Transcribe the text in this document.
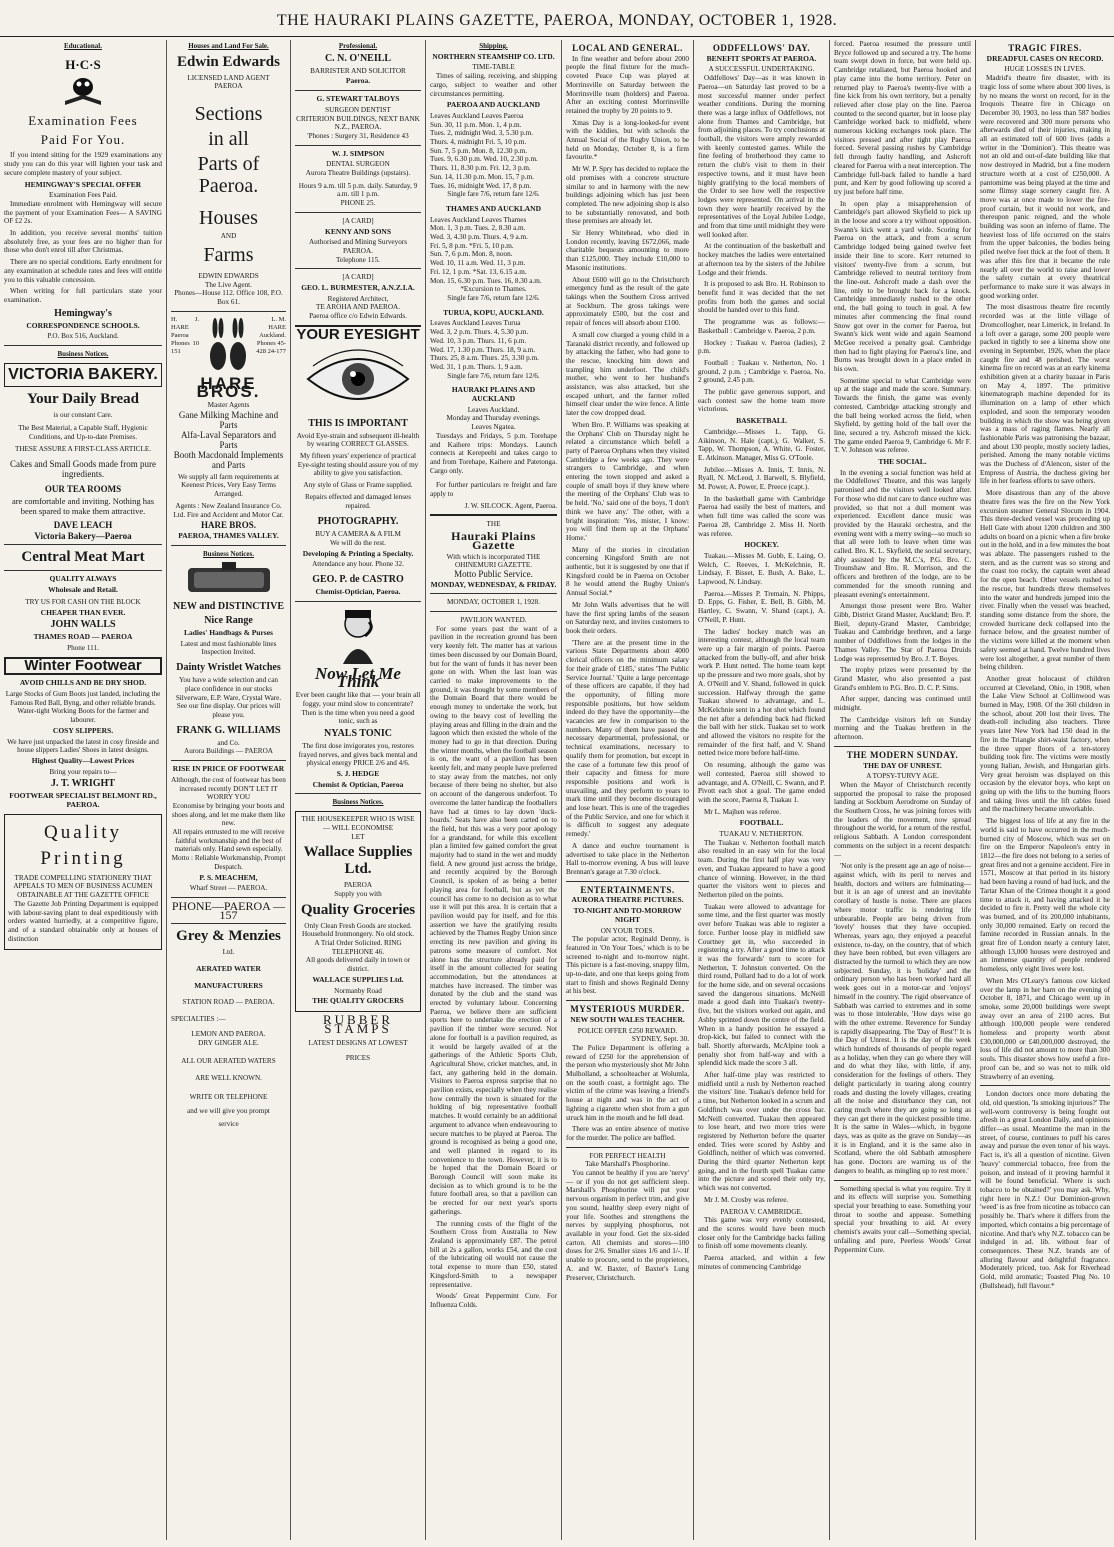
THE HAURAKI PLAINS GAZETTE, PAEROA, MONDAY, OCTOBER 1, 1928.
Educational.
H·C·S
Examination Fees
Paid For You.

If you intend sitting for the 1929 examinations any study you can do this year will lighten your task and secure complete mastery of your subject.

HEMINGWAY'S SPECIAL OFFER
Examination Fees Paid.

Immediate enrolment with Hemingway will secure the payment of your Examination Fees— A SAVING OF £2 2s.

In addition, you receive several months' tuition absolutely free, as your fees are no higher than for those who don't enrol till after Christmas.

There are no special conditions. Early enrolment for any examination at schedule rates and fees will entitle you to this valuable concession.

When writing for full particulars state your examination.

Hemingway's
CORRESPONDENCE SCHOOLS.
P.O. Box 516, Auckland.
Business Notices.
VICTORIA BAKERY.
Your Daily Bread
is our constant Care.
The Best Material, a Capable Staff, Hygienic Conditions, and Up-to-date Premises.
THESE ASSURE A FIRST-CLASS ARTICLE.
Cakes and Small Goods made from pure ingredients.
OUR TEA ROOMS
are comfortable and inviting. Nothing has been spared to make them attractive.
DAVE LEACH
Victoria Bakery—Paeroa
Central Meat Mart
QUALITY ALWAYS
Wholesale and Retail.
TRY US FOR CASH ON THE BLOCK
CHEAPER THAN EVER.
JOHN WALLS
THAMES ROAD — PAEROA
Phone 111.
Winter Footwear
AVOID CHILLS AND BE DRY SHOD.
Large Stocks of Gum Boots just landed, including the Famous Red Ball, Byng, and other reliable brands.
Water-tight Working Boots for the farmer and labourer.
COSY SLIPPERS.
We have just unpacked the latest in cosy fireside and house slippers Ladies' Shoes in latest designs.
Highest Quality—Lowest Prices
Bring your repairs to—
J. T. WRIGHT
FOOTWEAR SPECIALIST BELMONT RD., PAEROA.
Quality
Printing
TRADE COMPELLING STATIONERY THAT APPEALS TO MEN OF BUSINESS ACUMEN OBTAINABLE AT THE GAZETTE OFFICE

The Gazette Job Printing Department is equipped with labour-saving plant to deal expeditiously with orders wanted hurriedly, at a competitive figure, and of a standard obtainable only at houses of distinction

Houses and Land For Sale.
Edwin Edwards
LICENSED LAND AGENT
PAEROA
Sections
in all
Parts of Paeroa.
Houses
AND
Farms
EDWIN EDWARDS
The Live Agent.
Phones—House 112. Office 108, P.O. Box 61.
H. J. HARE Paeroa Phones 10 151
L. M. HARE Auckland. Phones 45-428 24-177
HARE BROS.
Master Agents
Gane Milking Machine and Parts
Alfa-Laval Separators and Parts
Booth Macdonald Implements and Parts
We supply all farm requirements at Keenest Prices, Very Easy Terms Arranged.
Agents : New Zealand Insurance Co. Ltd. Fire and Accident and Motor Car.
HARE BROS.
PAEROA, THAMES VALLEY.
Business Notices.
NEW and DISTINCTIVE
Nice Range
Ladies' Handbags & Purses
Latest and most fashionable lines Inspection Invited.
Dainty Wristlet Watches
You have a wide selection and can place confidence in our stocks
Silverware, E.P. Ware, Crystal Ware.
See our fine display. Our prices will please you.
FRANK G. WILLIAMS
and Co.
Aurora Buildings — PAEROA
RISE IN PRICE OF FOOTWEAR
Although, the cost of footwear has been increased recently DON'T LET IT WORRY YOU
Economise by bringing your boots and shoes along, and let me make them like new.
All repairs entrusted to me will receive faithful workmanship and the best of materials only. Hand sewn especially.
Motto : Reliable Workmanship, Prompt Despatch.
P. S. MEACHEM,
Wharf Street — PAEROA.
PHONE—PAEROA —157
Grey & Menzies
Ltd.
AERATED WATER
MANUFACTURERS
STATION ROAD — PAEROA.
SPECIALTIES :—
LEMON AND PAEROA.
DRY GINGER ALE.
ALL OUR AERATED WATERS
ARE WELL KNOWN.
WRITE OR TELEPHONE
and we will give you prompt
service
Professional.
C. N. O'NEILL
BARRISTER AND SOLICITOR
Paeroa.
G. STEWART TALBOYS
SURGEON DENTIST
CRITERION BUILDINGS, NEXT BANK N.Z., PAEROA.
'Phones : Surgery 31, Residence 43
W. J. SIMPSON
DENTAL SURGEON
Aurora Theatre Buildings (upstairs).
Hours 9 a.m. till 5 p.m. daily. Saturday, 9 a.m. till 1 p.m.
PHONE 25.
[A CARD]
KENNY AND SONS
Authorised and Mining Surveyors PAEROA.
Telephone 115.
[A CARD]
GEO. L. BURMESTER, A.N.Z.I.A.
Registered Architect,
TE AROHA AND PAEROA.
Paeroa office c/o Edwin Edwards.
YOUR EYESIGHT
THIS IS IMPORTANT
Avoid Eye-strain and subsequent ill-health by wearing CORRECT GLASSES.
My fifteen years' experience of practical Eye-sight testing should assure you of my ability to give you satisfaction.
Any style of Glass or Frame supplied.
Repairs effected and damaged lenses repaired.
PHOTOGRAPHY.
BUY A CAMERA & A FILM
We will do the rest.
Developing & Printing a Specialty.
Attendance any hour. Phone 32.
GEO. P. de CASTRO
Chemist-Optician, Paeroa.
Now Let Me Think
Ever been caught like that — your brain all foggy, your mind slow to concentrate? Then is the time when you need a good tonic, such as
NYALS TONIC
The first dose invigorates you, restores frayed nerves, and gives back mental and physical energy PRICE 2/6 and 4/6.
S. J. HEDGE
Chemist & Optician, Paeroa
Business Notices.
THE HOUSEKEEPER WHO IS WISE— WILL ECONOMISE
LET
Wallace Supplies Ltd.
PAEROA
Supply you with
Quality Groceries
Only Clean Fresh Goods are stocked.
Household Ironmongery. No old stock.
A Trial Order Solicited. RING TELEPHONE 46.
All goods delivered daily in town or district.
WALLACE SUPPLIES Ltd.
Normanby Road
THE QUALITY GROCERS
RUBBER STAMPS
LATEST DESIGNS AT LOWEST
PRICES
Shipping.
NORTHERN STEAMSHIP CO. LTD.
TIME-TABLE

Times of sailing, receiving, and shipping cargo, subject to weather and other circumstances permitting.

PAEROA AND AUCKLAND
Leaves Auckland Leaves Paeroa
Sun. 30, 11 p.m. Mon. 1, 4 p.m.
Tues. 2, midnight Wed. 3, 5.30 p.m.
Thurs. 4, midnight Fri. 5, 10 p.m.
Sun. 7, 5 p.m. Mon. 8, 12.30 p.m.
Tues. 9, 6.30 p.m. Wed. 10, 2.30 p.m.
Thurs. 11, 8.30 p.m. Fri. 12, 3 p.m.
Sun. 14, 11.30 p.m. Mon. 15, 7 p.m.
Tues. 16, midnight Wed. 17, 8 p.m.
Single fare 7/6, return fare 12/6.
THAMES AND AUCKLAND
Leaves Auckland Leaves Thames
Mon. 1, 3 p.m. Tues. 2, 8.30 a.m.
Wed. 3, 4.30 p.m. Thurs. 4, 9 a.m.
Fri. 5, 8 p.m. *Fri. 5, 10 p.m.
Sun. 7, 6 p.m. Mon. 8, noon.
Wed. 10, 11 a.m. Wed. 11, 3 p.m.
Fri. 12, 1 p.m. *Sat. 13, 6.15 a.m.
Mon. 15, 6.30 p.m. Tues. 16, 8.30 a.m.
*Excursion to Thames.
Single fare 7/6, return fare 12/6.
TURUA, KOPU, AUCKLAND.
Leaves Auckland Leaves Turua
Wed. 3, 2 p.m. Thurs. 4, 5.30 p.m.
Wed. 10, 3 p.m. Thurs. 11, 6 p.m.
Wed. 17, 1.30 p.m. Thurs. 18, 9 a.m.
Thurs. 25, 8 a.m. Thurs. 25, 3.30 p.m.
Wed. 31, 1 p.m. Thurs. 1, 9 a.m.
Single fare 7/6, return fare 12/6.
HAURAKI PLAINS AND AUCKLAND
Leaves Auckland.
Monday and Thursday evenings.
Leaves Ngatea.

Tuesdays and Fridays, 5 p.m. Torehape and Kaihere trips: Mondays. Launch connects at Kerepeehi and takes cargo to and from Torehape, Kaihere and Patetonga. Cargo only.

For further particulars re freight and fare apply to

J. W. SILCOCK. Agent, Paeroa.
THE
Hauraki Plains Gazette
With which is incorporated THE OHINEMURI GAZETTE.
Motto Public Service.
MONDAY, WEDNESDAY, & FRIDAY.
MONDAY, OCTOBER 1, 1928.
PAVILION WANTED.

For some years past the want of a pavilion in the recreation ground has been very keenly felt. The matter has at various times been discussed by our Domain Board, but for the want of funds it has never been gone on with. When the last loan was carried to make improvements to the ground, it was thought by some members of the Domain Board that there would be enough money to undertake the work, but owing to the heavy cost of levelling the playing areas and filling in the drain and the lagoon which then existed the whole of the money had to go in that direction. During the winter months, when the football season is on, the want of a pavilion has been keenly felt, and many people have preferred to stay away from the matches, not only because of there being no shelter, but also on account of the dangerous underfoot. To overcome the latter handicap the footballers have had at times to lay down 'duck-boards.' Seats have also been carted on to the field, but this was a very poor apology for a grandstand, for while this excellent plan a limited few gained comfort the great majority had to stand in the wet and muddy field. A new ground just across the bridge, and recently acquired by the Borough Council, is spoken of as being a better playing area for football, but as yet the council has come to no decision as to what use it will put this area. It is certain that a pavilion would pay for itself, and for this assertion we have the gratifying results achieved by the Thames Rugby Union since erecting its new pavilion and giving its patrons some measure of comfort. Not alone has the structure already paid for itself in the amount collected for seating accommodation, but the attendances at matches have increased. The timber was donated by the club and the stand was erected by voluntary labour. Concerning Paeroa, we believe there are sufficient sports here to undertake the erection of a pavilion if the timber were secured. Not alone for football is a pavilion required, as it would be largely availed of at the gatherings of the Athletic Sports Club, Agricultural Show, cricket matches, and, in fact, any gathering held in the domain. Visitors to Paeroa express surprise that no pavilion exists, especially when they realise how centrally the town is situated for the holding of big representative football matches. It would certainly be an additional argument to advance when endeavouring to secure matches to be played at Paeroa. The ground is recognised as being a good one, and well planned in regard to its convenience to the town. However, it is to be hoped that the Domain Board or Borough Council will soon make its decision as to which ground is to be the future football area, so that a pavilion can be erected for our next year's sports gatherings.

The running costs of the flight of the Southern Cross from Australia to New Zealand is approximately £87. The petrol bill at 2s a gallon, works £54, and the cost of the lubricating oil would not cause the total expense to more than £50, stated Kingsford-Smith to a newspaper representative.

Woods' Great Peppermint Cure. For Influenza Colds.

LOCAL AND GENERAL.

In fine weather and before about 2000 people the final fixture for the much-coveted Peace Cup was played at Morrinsville on Saturday between the Morrinsville team (holders) and Paeroa. After an exciting contest Morrinsville retained the trophy by 20 points to 9.

Xmas Day is a long-looked-for event with the kiddies, but with schools the Annual Social of the Rugby Union, to be held on Monday, October 8, is a firm favourite.*

Mr W. P. Spry has decided to replace the old premises with a concrete structure similar to and in harmony with the new buildings adjoining which has just been completed. The new adjoining shop is also to be substantially renovated, and both these premises are already let.

Sir Henry Whitehead, who died in London recently, leaving £672,066, made charitable bequests amounting to more than £125,000. They include £10,000 to Masonic institutions.

About £600 will go to the Christchurch emergency fund as the result of the gate takings when the Southern Cross arrived at Sockburn. The gross takings were approximately £500, but the cost and repair of fences will absorb about £100.

A small cow charged a young child in a Taranaki district recently, and followed up by attacking the father, who had gone to the rescue, knocking him down and trampling him underfoot. The child's mother, who went to her husband's assistance, was also attacked, but she escaped unhurt, and the farmer rolled himself clear under the wire fence. A little later the cow dropped dead.

When Bro. P. Williams was speaking at the Orphans' Club on Thursday night he related a circumstance which befell a party of Paeroa Orphans when they visited Cambridge a few weeks ago. They were strangers to Cambridge, and when entering the town stopped and asked a couple of small boys if they knew where the meeting of the Orphans' Club was to be held. 'No,' said one of the boys, 'I don't think we have any.' The other, with a bright inspiration: 'Yes, mister, I know: you will find them up at the Orphans' Home.'

Many of the stories in circulation concerning Kingsford Smith are not authentic, but it is suggested by one that if Kingsford could be in Paeroa on October 8 he would attend the Rugby Union's Annual Social.*

Mr John Walls advertises that he will have the first spring lambs of the season on Saturday next, and invites customers to book their orders.

'There are at the present time in the various State Departments about 4000 clerical officers on the minimum salary for their grade of £185,' states 'The Public Service Journal.' 'Quite a large percentage of these officers are capable, if they had the opportunity, of filling more responsible positions, but how seldom indeed do they have the opportunity—the vacancies are few in comparison to the numbers. Many of them have passed the necessary departmental, professional, or technical examinations, necessary to qualify them for promotion, but except in the case of a fortunate few this proof of their capacity and fitness for more responsible positions and work is unavailing, and they perform to years to mark time until they become discouraged and lose heart. This is one of the tragedies of the Public Service, and one for which it is difficult to suggest any adequate remedy.'

A dance and euchre tournament is advertised to take place in the Netherton Hall to-morrow evening. A bus will leave Brennan's garage at 7.30 o'clock.

ENTERTAINMENTS.
AURORA THEATRE PICTURES.
TO-NIGHT AND TO-MORROW NIGHT
ON YOUR TOES.

The popular actor, Reginald Denny, is featured in 'On Your Toes,' which is to be screened to-night and to-morrow night. This picture is a fast-moving, snappy film, up-to-date, and one that keeps going from start to finish and shows Reginald Denny at his best.

MYSTERIOUS MURDER.
NEW SOUTH WALES TEACHER.
POLICE OFFER £250 REWARD.
SYDNEY, Sept. 30.

The Police Department is offering a reward of £250 for the apprehension of the person who mysteriously shot Mr John Mulholland, a schoolteacher at Wolumla, on the south coast, a fortnight ago. The victim of the crime was leaving a friend's house at night and was in the act of lighting a cigarette when shot from a gun struck him in the mouth and he fell dead.

There was an entire absence of motive for the murder. The police are baffled.

FOR PERFECT HEALTH
Take Marshall's Phosphorine.

You cannot be healthy if you are 'nervy' — or if you do not get sufficient sleep. Marshall's Phosphorine will put your nervous organism in perfect trim, and give you sound, healthy sleep every night of your life. Soothes and strengthens the nerves by supplying phosphorus, not available in your food. Get the six-sided carton. All chemists and stores—100 doses for 2/6. Smaller sizes 1/6 and 1/-. If unable to procure, send to the proprietors, A. and W. Baxter, of Baxter's Lung Preserver, Christchurch.

ODDFELLOWS' DAY.
BENEFIT SPORTS AT PAEROA.
A SUCCESSFUL UNDERTAKING.

Oddfellows' Day—as it was known in Paeroa—on Saturday last proved to be a most successful manner under perfect weather conditions. During the morning there was a large influx of Oddfellows, not alone from Thames and Cambridge, but from adjoining places. To try conclusions at football, the visitors were amply rewarded with keenly contested games. While the fine feeling of brotherhood they came to return the club's visit to them in their respective towns, and it must have been highly gratifying to the local members of the Order to see how well the respective lodges were represented. On arrival in the town they were heartily received by the representatives of the Loyal Jubilee Lodge, and from that time until midnight they were well looked after.

At the continuation of the basketball and hockey matches the ladies were entertained at afternoon tea by the sisters of the Jubilee Lodge and their friends.

It is proposed to ask Bro. H. Robinson to benefit fund it was decided that the net profits from both the games and social should be handed over to this fund.

The programme was as follows:— Basketball : Cambridge v. Paeroa, 2 p.m.

Hockey : Tuakau v. Paeroa (ladies), 2 p.m.

Football : Tuakau v. Netherton, No. 1 ground, 2 p.m. ; Cambridge v. Paeroa, No. 2 ground, 2.45 p.m.

The public gave generous support, and each contest saw the home team more victorious.

BASKETBALL

Cambridge.—Misses L. Tapp, G. Aikinson, N. Hale (capt.), G. Walker, S. Tapp, W. Thompson, A. White, G. Foster, E. Atkinson. Manager, Miss G. O'Toole.

Jubilee.—Misses A. Innis, T. Innis, N. Ryall, N. McLeod, J. Barwell, S. Blyfield, M. Power, A. Power, E. Preece (capt.).

In the basketball game with Cambridge Paeroa had easily the best of matters, and when full time was called the score was Paeroa 28, Cambridge 2. Miss H. North was referee.

HOCKEY.

Tuakau.—Misses M. Gubb, E. Laing, O. Welch, C. Reeves, I. McKelchnie, R. Lindsay, F. Bisset, E. Bush, A. Bake, L. Lapwood, N. Lindsay.

Paeroa.—Misses P. Tremain, N. Phipps, D. Epps, G. Fisher, E. Bell, B. Gibb, M. Hartley, C. Swann, V. Shand (capt.), A. O'Neill, P. Hunt.

The ladies' hockey match was an interesting contest, although the local team were up a fair margin of points. Paeroa attacked from the bully-off, and after brisk work P. Hunt netted. The home team kept up the pressure and two more goals, shot by A. O'Neill and V. Shand, followed in quick succession. Halfway through the game Tuakau showed to advantage, and L. McKelchnie sent in a hot shot which found the net after a defending back had flicked the ball with her stick. Tuakau set to work and allowed the visitors no respite for the remainder of the first half, and V. Shand netted twice more before half-time.

On resuming, although the game was well contested, Paeroa still showed to advantage, and A. O'Neill, C. Swann, and P. Pivott each shot a goal. The game ended with the score, Paeroa 8, Tuakau 1.

Mr L. Majhen was referee.

FOOTBALL.
TUAKAU V. NETHERTON.

The Tuakau v. Netherton football match also resulted in an easy win for the local team. During the first half play was very even, and Tuakau appeared to have a good chance of winning. However, in the third quarter the visitors went to pieces and Netherton piled on the points.

Tuakau were allowed to advantage for some time, and the first quarter was mostly over before Tuakau was able to register a force. Further loose play in midfield saw Courtney get in, who succeeded in registering a try. After a good time to attack it was the forwards' turn to score for Netherton, T. Johnston converted. On the third round, Pollard had to do a lot of work for the home side, and on several occasions saved the dangerous situations. McNeill made a good dash into Tuakau's twenty-five, but the visitors worked out again, and Ashby sprinted down the centre of the field. When in a handy position he essayed a drop-kick, but failed to connect with the ball. Shortly afterwards, McAlpine took a penalty shot from half-way and with a splendid kick made the score 3 all.

After half-time play was restricted to midfield until a rush by Netherton reached the visitors' line. Tuakau's defence held for a time, but Netherton looked in a scrum and Goldfinch was over under the cross bar. McNeill converted. Tuakau then appeared to lose heart, and two more tries were registered by Netherton before the quarter ended. Tries were scored by Ashby and Goldfinch, neither of which was converted. During the third quarter Netherton kept going, and in the fourth spell Tuakau came into the picture and scored their only try, which was not converted.

Mr J. M. Crosby was referee.

PAEROA V. CAMBRIDGE.

This game was very evenly contested, and the scores would have been much closer only for the Cambridge backs failing to finish off some movements cleanly.

Paeroa attacked, and within a few minutes of commencing Cambridge

forced. Paeroa resumed the pressure until Bryce followed up and secured a try. The home team swept down in force, but were held up. Cambridge retaliated, but Paeroa hooked and play came into the home territory. Peter on returned play to Paeroa's twenty-five with a fine kick from his own territory, but a penalty relieved after close play on the line. Paeroa counted to the second quarter, but in loose play Cambridge worked back to midfield, where numerous kicking exchanges took place. The visitors pressed and after tight play Paeroa forced. Several passing rushes by Cambridge fell through faulty handling, and Ashcroft cleared for Paeroa with a neat interception. The Cambridge full-back failed to handle a hard punt, and Kerr by good following up scored a try just before half time.

In open play a misapprehension of Cambridge's part allowed Skyfield to pick up in the loose and score a try without opposition. Swann's kick went a yard wide. Scoring for Paeroa on the attack, and from a scrum Cambridge lodged being gained twelve feet inside their line to score. Kerr returned to visitors' twenty-five from a scrum, but Cambridge relieved to neutral territory from the line-out. Ashcroft made a dash over the line, only to be brought back for a knock. Cambridge immediately rushed to the other end, the ball going to touch in goal. A few minutes after commencing the final round Snow got over in the corner for Paeroa, but Swann's kick went wide and again Seamond McGee received a penalty goal. Cambridge then had to fight playing for Paeroa's line, and Burns was brought down in a place ended in his own.

Sometime special to what Cambridge were up at the stage and made the score. Summary. Towards the finish, the game was evenly contested, Cambridge attacking strongly and the ball being worked across the field, when Skyfield, by getting hold of the ball over the line, secured a try. Ashcroft missed the kick. The game ended Paeroa 9, Cambridge 6. Mr F. T. V. Johnson was referee.

THE SOCIAL.

In the evening a social function was held at the Oddfellows' Theatre, and this was largely patronised and the visitors well looked after. For those who did not care to dance euchre was provided, so that not a dull moment was experienced. Excellent dance music was provided by the Hauraki orchestra, and the evening went with a merry swing—so much so that all were loth to leave when time was called. Bro. K. L. Skyfield, the social secretary, ably assisted by the M.C.'s, P.G. Bro. C. Trounshaw and Bro. R. Morrison, and the officers and brethren of the lodge, are to be commended for the smooth running and pleasant evening's entertainment.

Amongst those present were Bro. Walter Gibb, District Grand Master, Auckland; Bro. P. Bieil, deputy-Grand Master, Cambridge; Tuakau and Cambridge brethren, and a large number of Oddfellows from the lodges in the Thames Valley. The Star of Paeroa Druids Lodge was represented by Bro. J. T. Boyes.

The trophy prizes were presented by the Grand Master, who also presented a past Grand's emblem to P.G. Bro. D. C. P. Sims.

After supper, dancing was continued until midnight.

The Cambridge visitors left on Sunday morning and the Tuakau brethren in the afternoon.

THE MODERN SUNDAY.
THE DAY OF UNREST.
A TOPSY-TURVY AGE.

When the Mayor of Christchurch recently supported the proposal to raise the proposed landing at Sockburn Aerodrome on Sunday of the Southern Cross, he was joining forces with the leaders of the movement, now spread throughout the world, for a return of the restful, religious Sabbath. A London correspondent comments on the subject in a recent despatch:—

'Not only is the present age an age of noise—against which, with its peril to nerves and health, doctors and writers are fulminating—but it is an age of unrest and an inevitable corollary of hustle is noise. There are places where motor traffic is rendering life unbearable. People are being driven from 'lovely' houses that they have occupied. Whereas, years ago, they enjoyed a peaceful existence, to-day, on the country, that of which they have been robbed, but even villagers are distracted by the turmoil to which they are now subjected. Sunday, it is 'holiday' and the ordinary person who has been worked hard all week goes out in a motor-car and 'enjoys' himself in the country. The rigid observance of Sabbath was carried to extremes and in some was to those intolerable, 'How days wise go with the other extreme. Reverence for Sunday is rapidly disappearing. The 'Day of Rest'!' It is the Day of Unrest. It is the day of the week which hundreds of thousands of people regard as a holiday, when they can go where they will and do what they like, with little, if any, consideration for the feelings of others. They delight particularly in tearing along country roads and dusting the lovely villages, creating all the noise and disturbance they can, not caring much where they are going so long as they can get there in the quickest possible time. It is the same in Wales—which, in bygone days, was as quite as the grave on Sunday—as it is in England, and it is the same also in Scotland, where the old Sabbath atmosphere has gone. Doctors are warning us of the dangers to health, as mingling up to rest more.'

Something special is what you require. Try it and its effects will surprise you. Something special your breathing to ease. Something your throat to soothe and appease. Something special your breathing to aid. At every chemist's awaits your call—Something special, unfailing and pure, Peerless Woods' Great Peppermint Cure.

TRAGIC FIRES.
DREADFUL CASES ON RECORD.
HUGE LOSSES IN LIVES.

Madrid's theatre fire disaster, with its tragic loss of some where about 300 lives, is by no means the worst on record, for in the Iroquois Theatre fire in Chicago on December 30, 1903, no less than 587 bodies were recovered and 300 more persons who afterwards died of their injuries, making in all an estimated toll of 600 lives (adds a writer in the 'Dominion'). This theatre was not an old and out-of-date building like that now destroyed in Madrid, but a fine modern structure worth at a cost of £250,000. A pantomime was being played at the time and some flimsy stage scenery caught fire. A move was at once made to lower the fire-proof curtain, but it would not work, and thereupon panic reigned, and the whole building was soon an inferno of flame. The heaviest loss of life occurred on the stairs from the upper balconies, the bodies being piled twelve feet thick at the foot of them. It was after this fire that it became the rule nearly all over the world to raise and lower the safety curtain at every theatrical performance to make sure it was always in good working order.

The most disastrous theatre fire recently recorded was at the little village of Dromcollogher, near Limerick, in Ireland. In a loft over a garage, some 200 people were packed in tightly to see a kinema show one evening in September, 1926, when the place caught fire and 48 perished. The worst kinema fire on record was at an early kinema exhibition given at a charity bazaar in Paris on May 4, 1897. The primitive kinematograph machine depended for its illumination on a lamp of ether which exploded, and soon the temporary wooden building in which the show was being given was a mass of raging flames. Nearly all fashionable Paris was patronising the bazaar, and about 130 people, mostly society ladies, perished. Among the many notable victims was the Duchess of d'Alencon, sister of the Empress of Austria, the duchess giving her life in her fearless efforts to save others.

More disastrous than any of the above theatre fires was the fire on the New York excursion steamer General Slocum in 1904. This three-decked vessel was proceeding up Hell Gate with about 1200 children and 300 adults on board on a picnic when a fire broke out in the hold, and in a few minutes the boat was ablaze. The passengers rushed to the stern, and as the current was so strong and the coast too rocky, the captain went ahead for the open beach. Other vessels rushed to the rescue, but hundreds threw themselves into the water and hundreds jumped into the river. Finally when the vessel was beached, standing some distance from the shore, the crowded hurricane deck collapsed into the furnace below, and the greatest number of the victims were killed at the moment when safety seemed at hand. Twelve hundred lives were lost altogether, a great number of them being children.

Another great holocaust of children occurred at Cleveland, Ohio, in 1908, when the Lake View School at Collinwood was burned in May, 1908. Of the 360 children in the school, about 200 lost their lives. The death-roll including also teachers. Three years later New York had 150 dead in the fire in the Triangle shirt-waist factory, when the three upper floors of a ten-storey building took fire. The victims were mostly young Italian, Jewish, and Hungarian girls. Very great heroism was displayed on this occasion by the elevator boys, who kept on going up with the lifts to the burning floors and taking lives until the lift cables fused and the machinery became unworkable.

The biggest loss of life at any fire in the world is said to have occurred in the much-burned city of Moscow, which was set on fire on the Emperor Napoleon's entry in 1812—the fire does not belong to a series of great fires and not a genuine accident. Fire in 1571, Moscow at that period in its history had been having a round of bad luck, and the Tartar Khan of the Crimea thought it a good time to attack it, and having attacked it he decided to fire it. Pretty well the whole city was burned, and of its 200,000 inhabitants, only 30,000 remained. Early on record the famine recorded in Russian annals. In the great fire of London nearly a century later, although 13,000 houses were destroyed and an immense quantity of people rendered homeless, only eight lives were lost.

When Mrs O'Leary's famous cow kicked over the lamp in her barn on the evening of October 8, 1871, and Chicago went up in smoke, some 20,000 buildings were swept away over an area of 2100 acres. But although 100,000 people were rendered homeless and property worth about £30,000,000 or £40,000,000 destroyed, the loss of life did not amount to more than 300 souls. This disaster shows how useful a fire-proof can be, and so was not to milk old Strawberry of an evening.

London doctors once more debating the old, old question, 'Is smoking injurious?' The well-worn controversy is being fought out afresh in a great London Daily, and opinions differ—as usual. Meantime the man in the street, of course, continues to puff his cares away and pursue the even tenor of his ways. Fact is, it's all a question of nicotine. Given 'heavy' commercial tobacco, free from the poison, and instead of it proving harmful it will be found beneficial. 'Where is such tobacco to be obtained?' you may ask. Why, right here in N.Z.! Our Dominion-grown 'weed' is as free from nicotine as tobacco can possibly be. That's where it differs from the imported, which contains a big percentage of nicotine. And that's why N.Z. tobacco can be indulged in ad. lib. without fear of consequences. These N.Z. brands are of alluring flavour and delightful fragrance. Moderately priced, too. Ask for Riverhead Gold, mild aromatic; Toasted Plug No. 10 (Bullshead), full flavour.*
